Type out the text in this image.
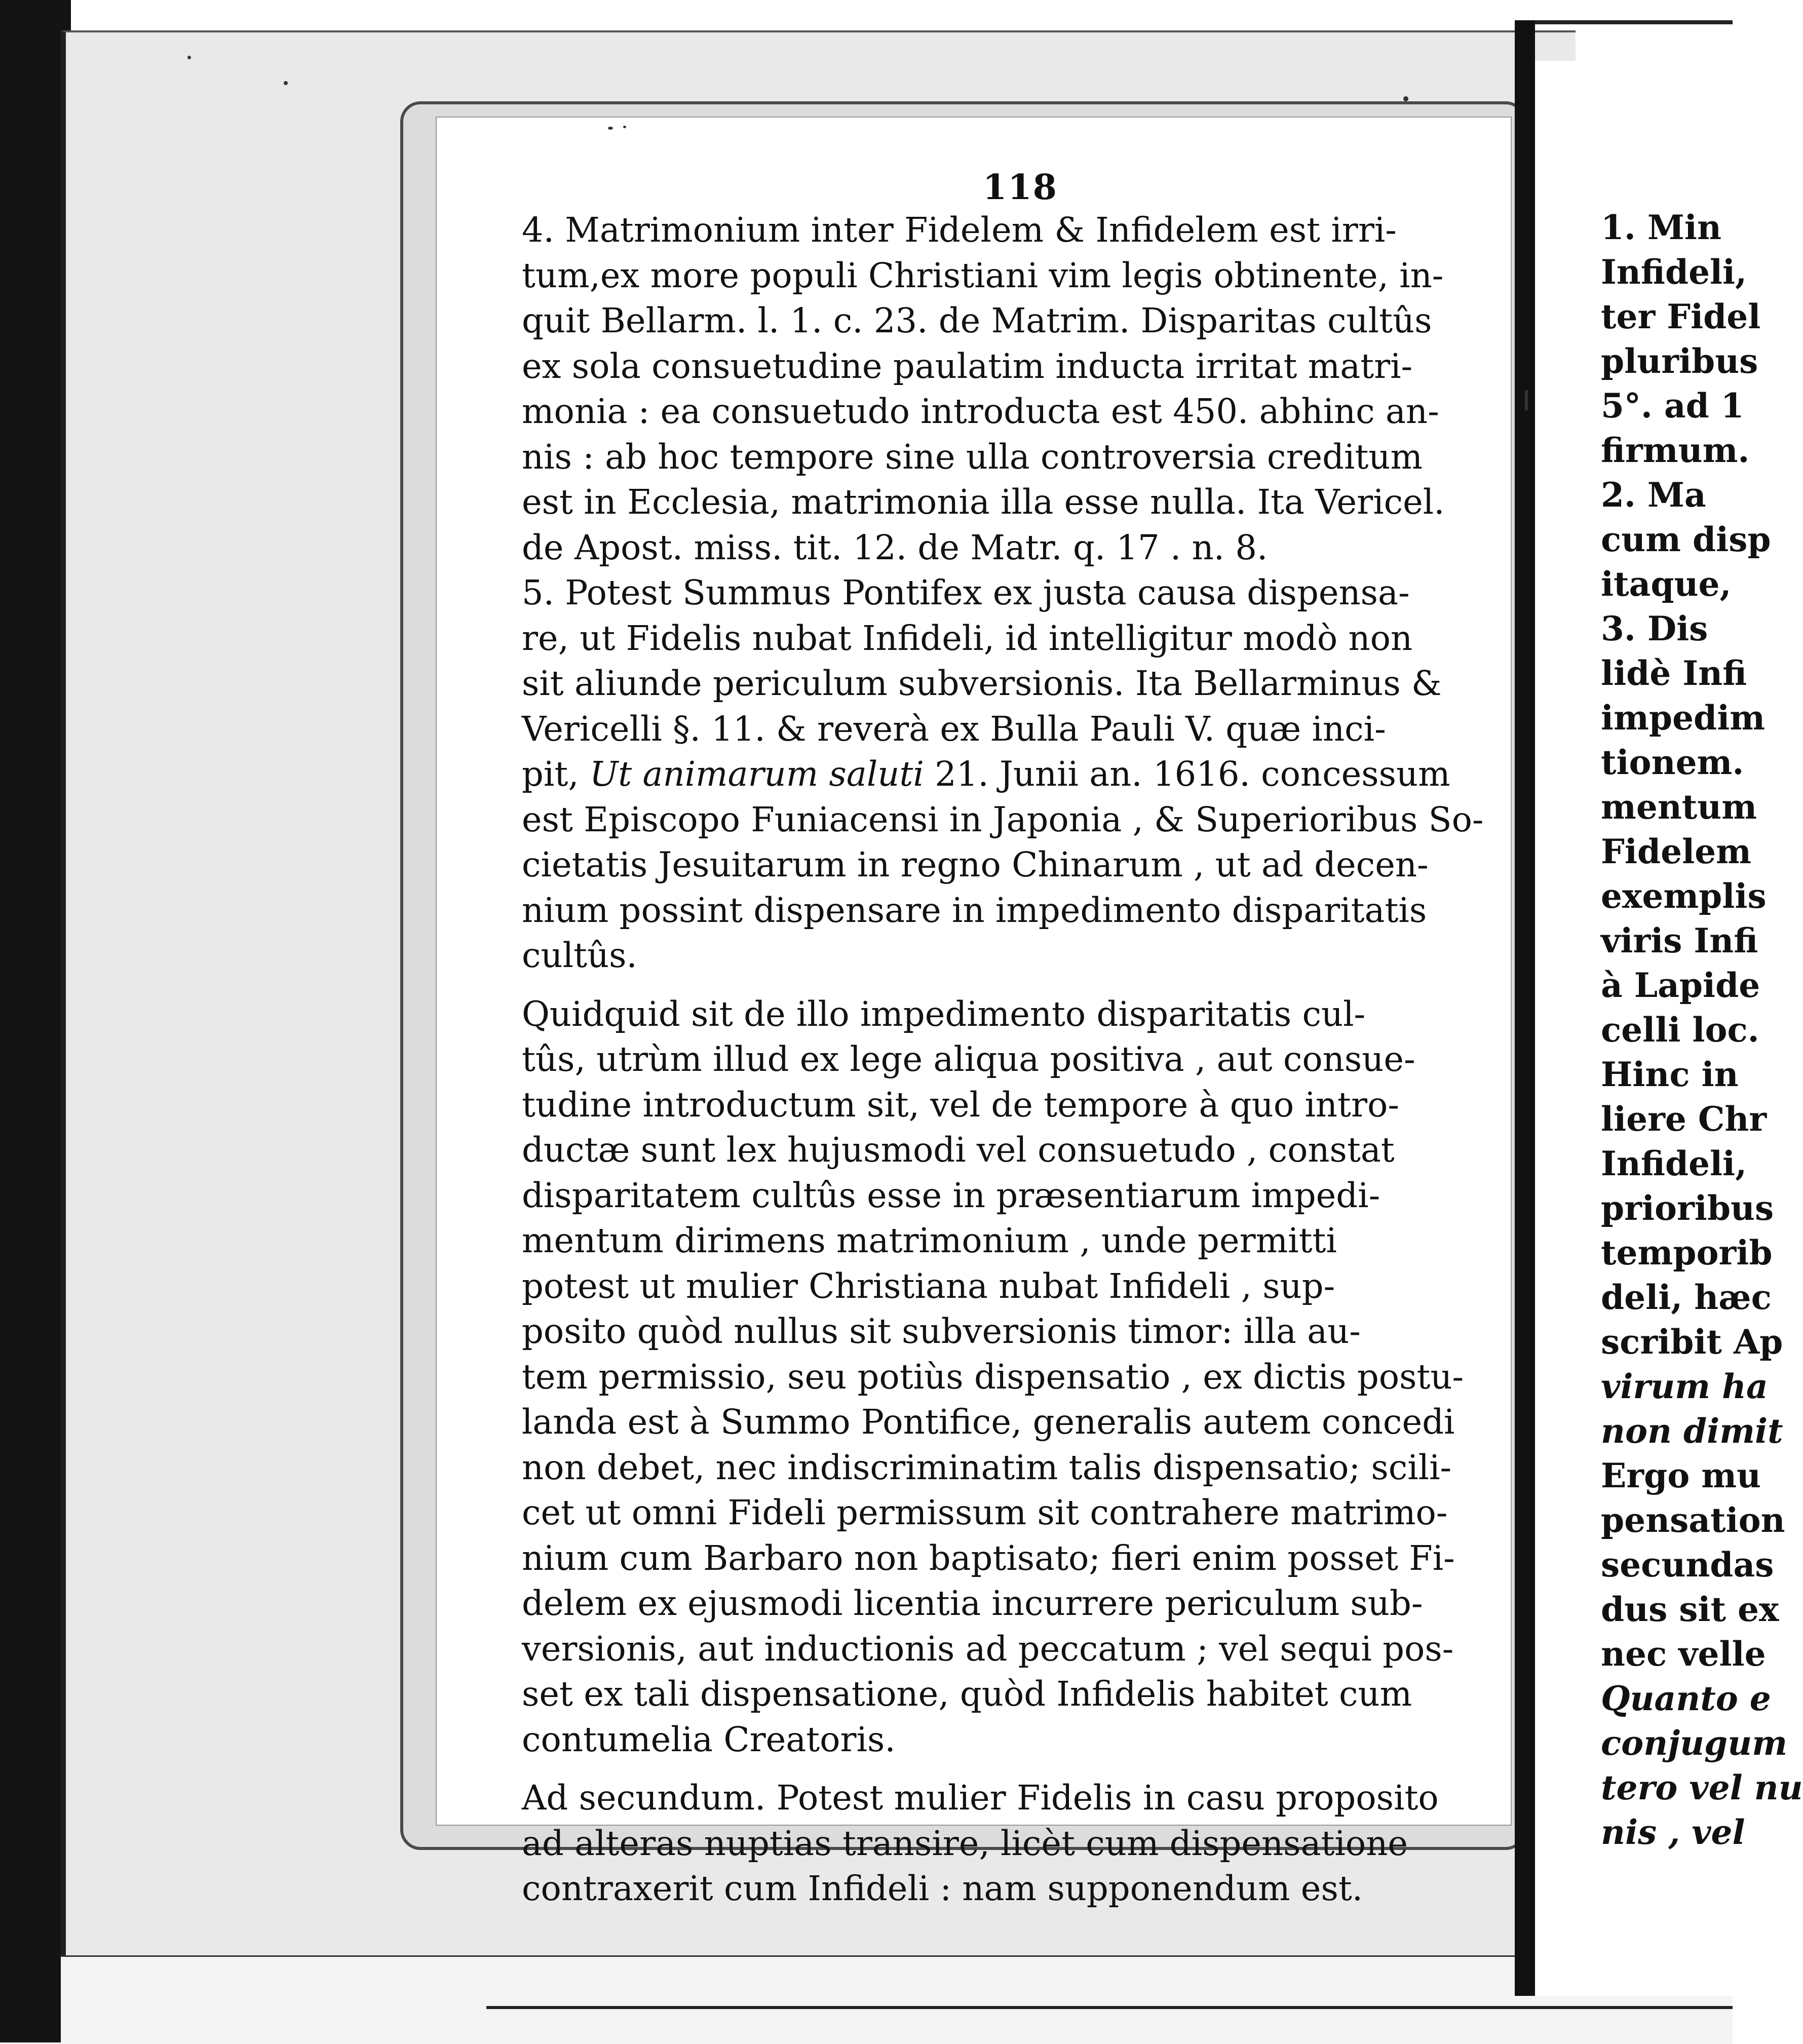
118
4. Matrimonium inter Fidelem & Infidelem est irri-
tum,ex more populi Christiani vim legis obtinente, in-
quit Bellarm. l. 1. c. 23. de Matrim. Disparitas cultûs
ex sola consuetudine paulatim inducta irritat matri-
monia : ea consuetudo introducta est 450. abhinc an-
nis : ab hoc tempore sine ulla controversia creditum
est in Ecclesia, matrimonia illa esse nulla. Ita Vericel.
de Apost. miss. tit. 12. de Matr. q. 17 . n. 8.
5. Potest Summus Pontifex ex justa causa dispensa-
re, ut Fidelis nubat Infideli, id intelligitur modò non
sit aliunde periculum subversionis. Ita Bellarminus &
Vericelli §. 11. & reverà ex Bulla Pauli V. quæ inci-
pit, Ut animarum saluti 21. Junii an. 1616. concessum
est Episcopo Funiacensi in Japonia , & Superioribus So-
cietatis Jesuitarum in regno Chinarum , ut ad decen-
nium possint dispensare in impedimento disparitatis
cultûs.
Quidquid sit de illo impedimento disparitatis cul-
tûs, utrùm illud ex lege aliqua positiva , aut consue-
tudine introductum sit, vel de tempore à quo intro-
ductæ sunt lex hujusmodi vel consuetudo , constat
disparitatem cultûs esse in præsentiarum impedi-
mentum dirimens matrimonium , unde permitti
potest ut mulier Christiana nubat Infideli , sup-
posito quòd nullus sit subversionis timor: illa au-
tem permissio, seu potiùs dispensatio , ex dictis postu-
landa est à Summo Pontifice, generalis autem concedi
non debet, nec indiscriminatim talis dispensatio; scili-
cet ut omni Fideli permissum sit contrahere matrimo-
nium cum Barbaro non baptisato; fieri enim posset Fi-
delem ex ejusmodi licentia incurrere periculum sub-
versionis, aut inductionis ad peccatum ; vel sequi pos-
set ex tali dispensatione, quòd Infidelis habitet cum
contumelia Creatoris.
Ad secundum. Potest mulier Fidelis in casu proposito
ad alteras nuptias transire, licèt cum dispensatione
contraxerit cum Infideli : nam supponendum est.
1. Min
Infideli,
ter Fidel
pluribus
5°. ad 1
firmum.
2. Ma
cum disp
itaque,
3. Dis
lidè Infi
impedim
tionem.
mentum
Fidelem
exemplis
viris Infi
à Lapide
celli loc.
Hinc in
liere Chr
Infideli,
prioribus
temporib
deli, hæc
scribit Ap
virum ha
non dimit
Ergo mu
pensation
secundas
dus sit ex
nec velle
Quanto e
conjugum
tero vel nu
nis , vel
